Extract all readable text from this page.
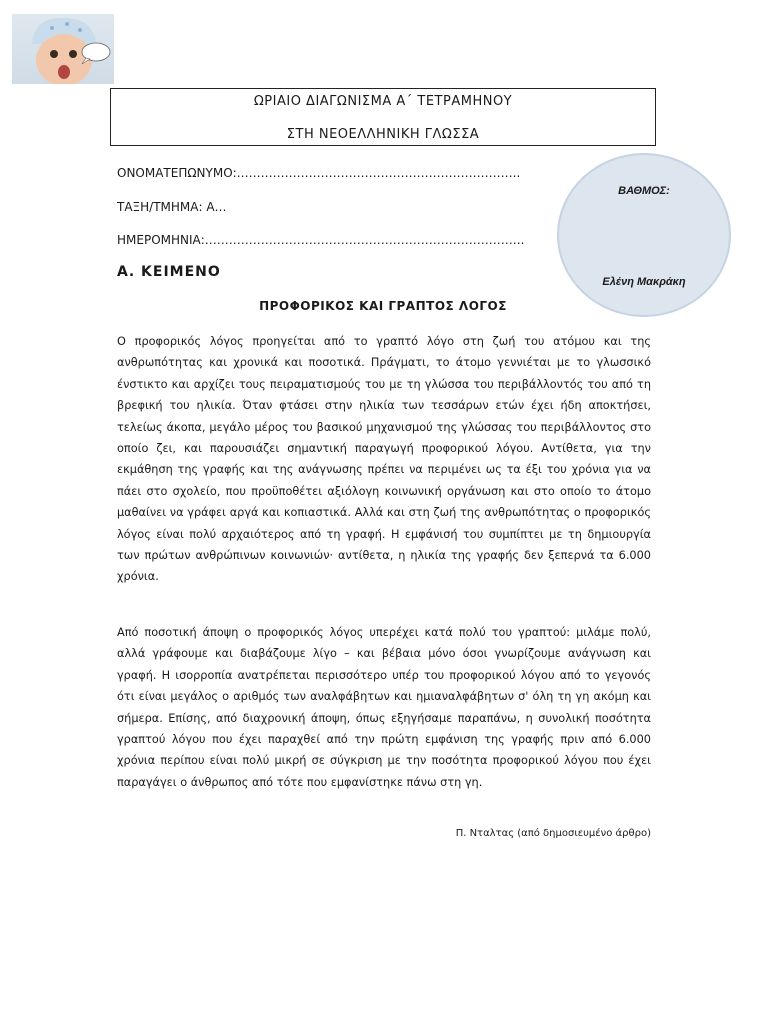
ΩΡΙΑΙΟ ΔΙΑΓΩΝΙΣΜΑ Α΄ ΤΕΤΡΑΜΗΝΟΥ
ΣΤΗ ΝΕΟΕΛΛΗΝΙΚΗ ΓΛΩΣΣΑ
ΟΝΟΜΑΤΕΠΩΝΥΜΟ:……………………………………………………………..
ΤΑΞΗ/ΤΜΗΜΑ: Α…
ΗΜΕΡΟΜΗΝΙΑ:……………………………………………………………………..
ΒΑΘΜΟΣ:
Ελένη Μακράκη
Α. ΚΕΙΜΕΝΟ
ΠΡΟΦΟΡΙΚΟΣ ΚΑΙ ΓΡΑΠΤΟΣ ΛΟΓΟΣ

Ο προφορικός λόγος προηγείται από το γραπτό λόγο στη ζωή του ατόμου και της ανθρωπότητας και χρονικά και ποσοτικά. Πράγματι, το άτομο γεννιέται με το γλωσσικό ένστικτο και αρχίζει τους πειραματισμούς του με τη γλώσσα του περιβάλλοντός του από τη βρεφική του ηλικία. Όταν φτάσει στην ηλικία των τεσσάρων ετών έχει ήδη αποκτήσει, τελείως άκοπα, μεγάλο μέρος του βασικού μηχανισμού της γλώσσας του περιβάλλοντος στο οποίο ζει, και παρουσιάζει σημαντική παραγωγή προφορικού λόγου. Αντίθετα, για την εκμάθηση της γραφής και της ανάγνωσης πρέπει να περιμένει ως τα έξι του χρόνια για να πάει στο σχολείο, που προϋποθέτει αξιόλογη κοινωνική οργάνωση και στο οποίο το άτομο μαθαίνει να γράφει αργά και κοπιαστικά. Αλλά και στη ζωή της ανθρωπότητας ο προφορικός λόγος είναι πολύ αρχαιότερος από τη γραφή. Η εμφάνισή του συμπίπτει με τη δημιουργία των πρώτων ανθρώπινων κοινωνιών· αντίθετα, η ηλικία της γραφής δεν ξεπερνά τα 6.000 χρόνια.

Από ποσοτική άποψη ο προφορικός λόγος υπερέχει κατά πολύ του γραπτού: μιλάμε πολύ, αλλά γράφουμε και διαβάζουμε λίγο – και βέβαια μόνο όσοι γνωρίζουμε ανάγνωση και γραφή. Η ισορροπία ανατρέπεται περισσότερο υπέρ του προφορικού λόγου από το γεγονός ότι είναι μεγάλος ο αριθμός των αναλφάβητων και ημιαναλφάβητων σ' όλη τη γη ακόμη και σήμερα. Επίσης, από διαχρονική άποψη, όπως εξηγήσαμε παραπάνω, η συνολική ποσότητα γραπτού λόγου που έχει παραχθεί από την πρώτη εμφάνιση της γραφής πριν από 6.000 χρόνια περίπου είναι πολύ μικρή σε σύγκριση με την ποσότητα προφορικού λόγου που έχει παραγάγει ο άνθρωπος από τότε που εμφανίστηκε πάνω στη γη.

Π. Νταλτας (από δημοσιευμένο άρθρο)
